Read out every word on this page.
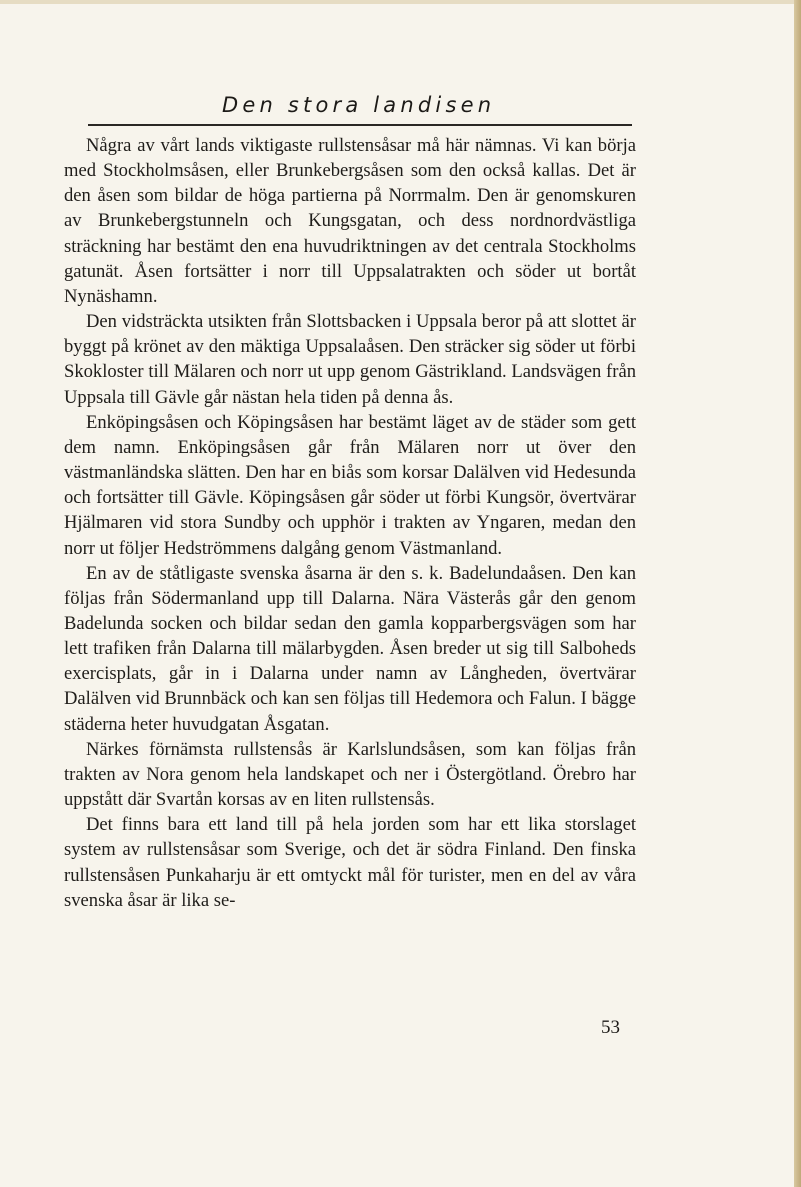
Den stora landisen

Några av vårt lands viktigaste rullstensåsar må här nämnas. Vi kan börja med Stockholmsåsen, eller Brunkebergsåsen som den också kallas. Det är den åsen som bildar de höga partierna på Norrmalm. Den är genomskuren av Brunkebergstunneln och Kungsgatan, och dess nordnordvästliga sträckning har bestämt den ena huvudriktningen av det centrala Stockholms gatunät. Åsen fortsätter i norr till Uppsalatrakten och söder ut bortåt Nynäshamn.

Den vidsträckta utsikten från Slottsbacken i Uppsala beror på att slottet är byggt på krönet av den mäktiga Uppsalaåsen. Den sträcker sig söder ut förbi Skokloster till Mälaren och norr ut upp genom Gästrikland. Landsvägen från Uppsala till Gävle går nästan hela tiden på denna ås.

Enköpingsåsen och Köpingsåsen har bestämt läget av de städer som gett dem namn. Enköpingsåsen går från Mälaren norr ut över den västmanländska slätten. Den har en biås som korsar Dalälven vid Hedesunda och fortsätter till Gävle. Köpingsåsen går söder ut förbi Kungsör, övertvärar Hjälmaren vid stora Sundby och upphör i trakten av Yngaren, medan den norr ut följer Hedströmmens dalgång genom Västmanland.

En av de ståtligaste svenska åsarna är den s. k. Badelundaåsen. Den kan följas från Södermanland upp till Dalarna. Nära Västerås går den genom Badelunda socken och bildar sedan den gamla kopparbergsvägen som har lett trafiken från Dalarna till mälarbygden. Åsen breder ut sig till Salboheds exercisplats, går in i Dalarna under namn av Långheden, övertvärar Dalälven vid Brunnbäck och kan sen följas till Hedemora och Falun. I bägge städerna heter huvudgatan Åsgatan.

Närkes förnämsta rullstensås är Karlslundsåsen, som kan följas från trakten av Nora genom hela landskapet och ner i Östergötland. Örebro har uppstått där Svartån korsas av en liten rullstensås.

Det finns bara ett land till på hela jorden som har ett lika storslaget system av rullstensåsar som Sverige, och det är södra Finland. Den finska rullstensåsen Punkaharju är ett omtyckt mål för turister, men en del av våra svenska åsar är lika se-

53
